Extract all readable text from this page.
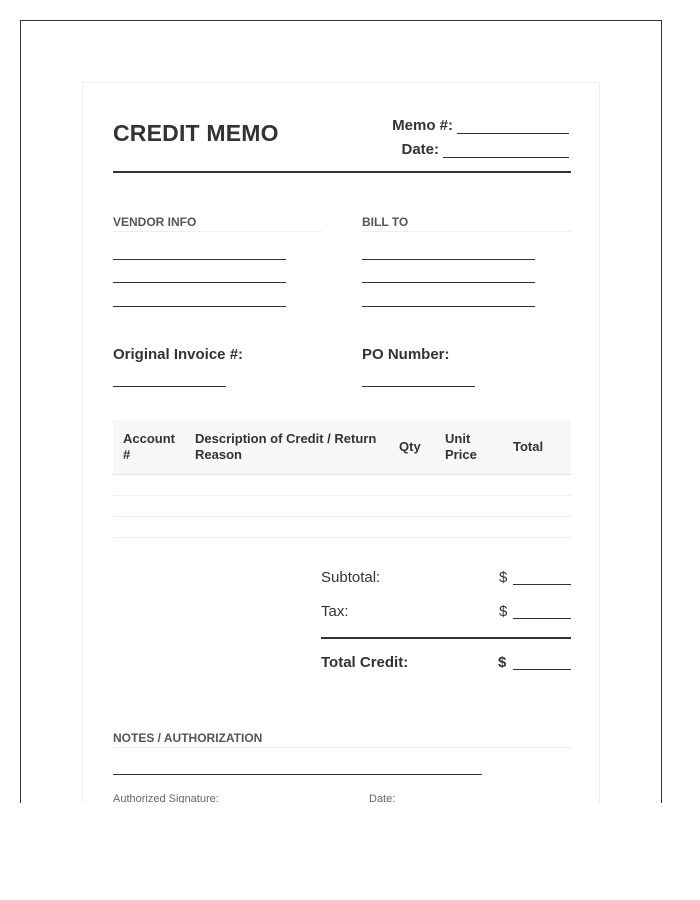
CREDIT MEMO	Memo #:
Date:
VENDOR INFO	BILL TO
Original Invoice #:	PO Number:
Account #	Description of Credit / Return Reason	Qty	Unit Price	Total

Subtotal:	$
Tax:	$
Total Credit:	$
NOTES / AUTHORIZATION
Authorized Signature:	Date:
